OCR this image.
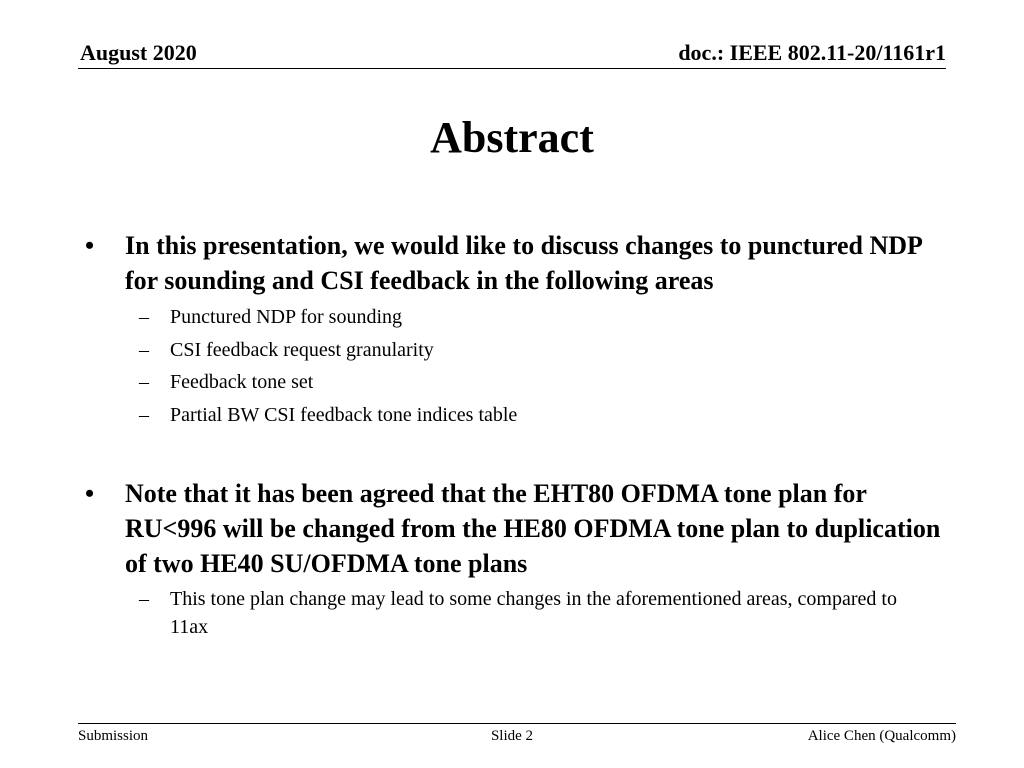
August 2020	doc.: IEEE 802.11-20/1161r1
Abstract
• In this presentation, we would like to discuss changes to punctured NDP for sounding and CSI feedback in the following areas
– Punctured NDP for sounding
– CSI feedback request granularity
– Feedback tone set
– Partial BW CSI feedback tone indices table
• Note that it has been agreed that the EHT80 OFDMA tone plan for RU<996 will be changed from the HE80 OFDMA tone plan to duplication of two HE40 SU/OFDMA tone plans
– This tone plan change may lead to some changes in the aforementioned areas, compared to 11ax
Submission	Slide 2	Alice Chen (Qualcomm)
